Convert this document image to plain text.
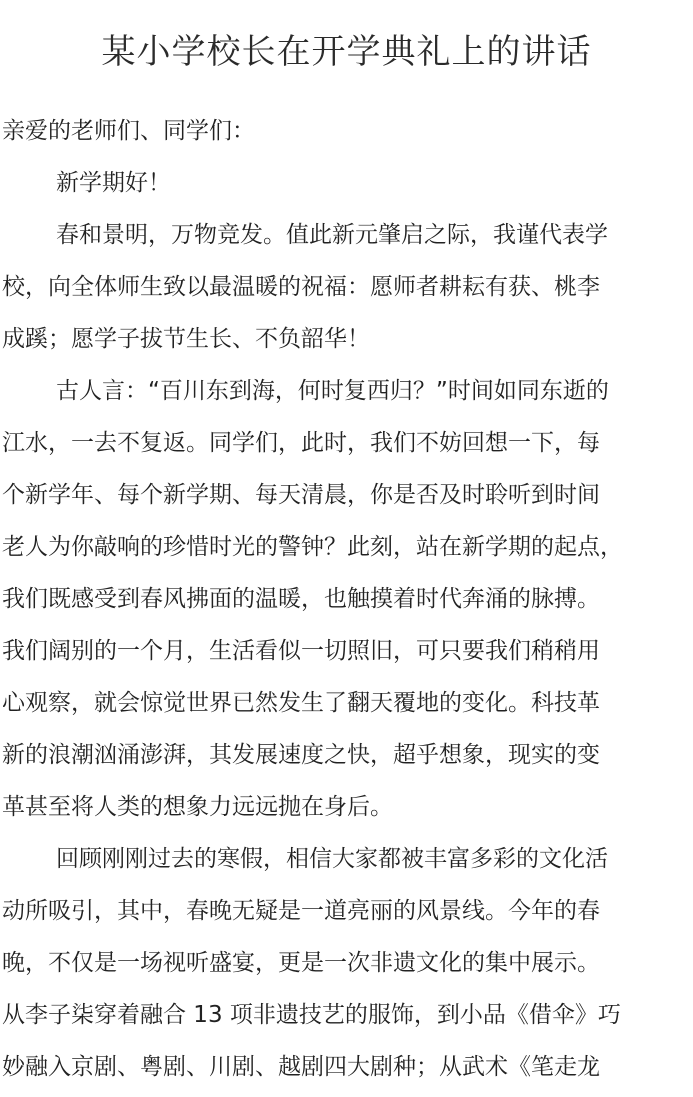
某小学校长在开学典礼上的讲话
亲爱的老师们、同学们：
新学期好！
春和景明，万物竞发。值此新元肇启之际，我谨代表学
校，向全体师生致以最温暖的祝福：愿师者耕耘有获、桃李
成蹊；愿学子拔节生长、不负韶华！
古人言：“百川东到海，何时复西归？”时间如同东逝的
江水，一去不复返。同学们，此时，我们不妨回想一下，每
个新学年、每个新学期、每天清晨，你是否及时聆听到时间
老人为你敲响的珍惜时光的警钟？此刻，站在新学期的起点，
我们既感受到春风拂面的温暖，也触摸着时代奔涌的脉搏。
我们阔别的一个月，生活看似一切照旧，可只要我们稍稍用
心观察，就会惊觉世界已然发生了翻天覆地的变化。科技革
新的浪潮汹涌澎湃，其发展速度之快，超乎想象，现实的变
革甚至将人类的想象力远远抛在身后。
回顾刚刚过去的寒假，相信大家都被丰富多彩的文化活
动所吸引，其中，春晚无疑是一道亮丽的风景线。今年的春
晚，不仅是一场视听盛宴，更是一次非遗文化的集中展示。
从李子柒穿着融合 13 项非遗技艺的服饰，到小品《借伞》巧
妙融入京剧、粤剧、川剧、越剧四大剧种；从武术《笔走龙
